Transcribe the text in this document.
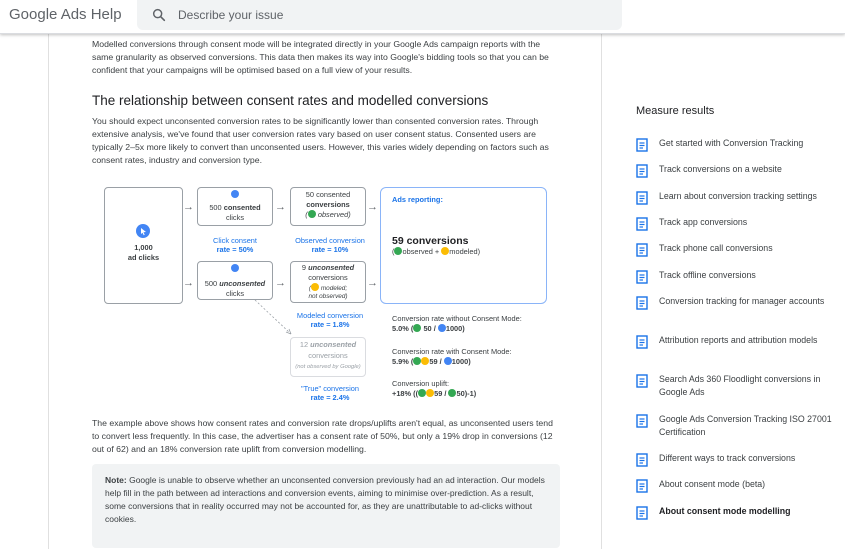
Google Ads Help	Describe your issue
Modelled conversions through consent mode will be integrated directly in your Google Ads campaign reports with the same granularity as observed conversions. This data then makes its way into Google's bidding tools so that you can be confident that your campaigns will be optimised based on a full view of your results.
The relationship between consent rates and modelled conversions
You should expect unconsented conversion rates to be significantly lower than consented conversion rates. Through extensive analysis, we've found that user conversion rates vary based on user consent status. Consented users are typically 2–5x more likely to convert than unconsented users. However, this varies widely depending on factors such as consent rates, industry and conversion type.
1,000
ad clicks
→
→
500 consented
clicks
Click consent
rate = 50%
500 unconsented
clicks
→
→
50 consented
conversions
( observed)
Observed conversion
rate = 10%
9 unconsented
conversions
( modeled;
not observed)
Modeled conversion
rate = 1.8%
12 unconsented
conversions
(not observed by Google)
"True" conversion
rate = 2.4%
→
→
Ads reporting:
59 conversions
( observed + modeled)
Conversion rate without Consent Mode:
5.0% ( 50 / 1000)
Conversion rate with Consent Mode:
5.9% ( 59 / 1000)
Conversion uplift:
+18% (( 59 / 50)-1)
The example above shows how consent rates and conversion rate drops/uplifts aren't equal, as unconsented users tend to convert less frequently. In this case, the advertiser has a consent rate of 50%, but only a 19% drop in conversions (12 out of 62) and an 18% conversion rate uplift from conversion modelling.
Note: Google is unable to observe whether an unconsented conversion previously had an ad interaction. Our models help fill in the path between ad interactions and conversion events, aiming to minimise over-prediction. As a result, some conversions that in reality occurred may not be accounted for, as they are unattributable to ad-clicks without cookies.
Measure results
Get started with Conversion Tracking
Track conversions on a website
Learn about conversion tracking settings
Track app conversions
Track phone call conversions
Track offline conversions
Conversion tracking for manager accounts
Attribution reports and attribution models
Search Ads 360 Floodlight conversions in Google Ads
Google Ads Conversion Tracking ISO 27001 Certification
Different ways to track conversions
About consent mode (beta)
About consent mode modelling
